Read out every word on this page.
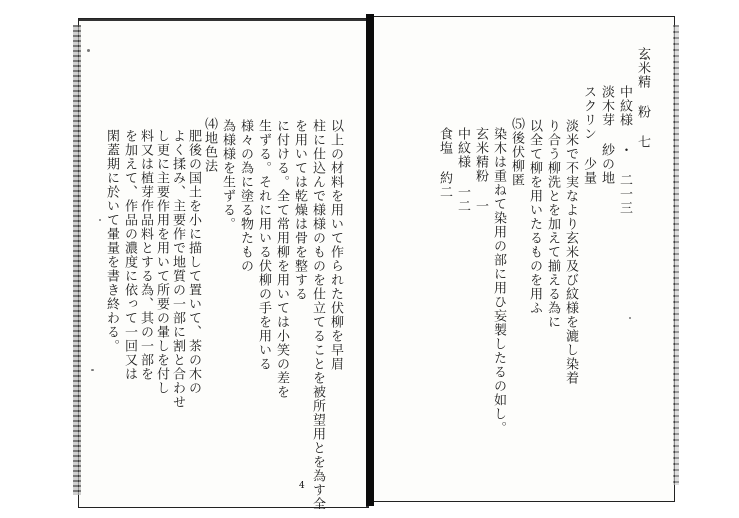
以上の材料を用いて作られた伏柳を早眉
柱に仕込んで様様のものを仕立てることを被所望用とを為す全
を用いては乾燥は骨を整する
に付ける。全て常用柳を用いては小笑の差を
生ずる。それに用いる伏柳の手を用いる
様々の為に塗る物たもの
為様様を生ずる。
⑷地色法
肥後の国土を小に描して置いて、茶の木の
よく揉み、主要作で地質の一部に割と合わせ
し更に主要作用を用いて所要の暈しを付し
料又は植芽作品料とする為、其の一部を
を加えて、作品の濃度に依って一回又は
閑蓋期に於いて暈量を書き終わる。
4
玄米精 粉 七
中紋様 ・ 二一三
淡木芽 紗の地
スクリン 少量
淡米で不実なより玄米及び紋様を漉し染着
り合う柳洗とを加えて揃える為に
以全て柳を用いたるものを用ふ
⑸後伏柳匿
染木は重ねて染用の部に用ひ妄製したるの如し。
玄米精粉 一
中紋様 一二
食塩 約二
